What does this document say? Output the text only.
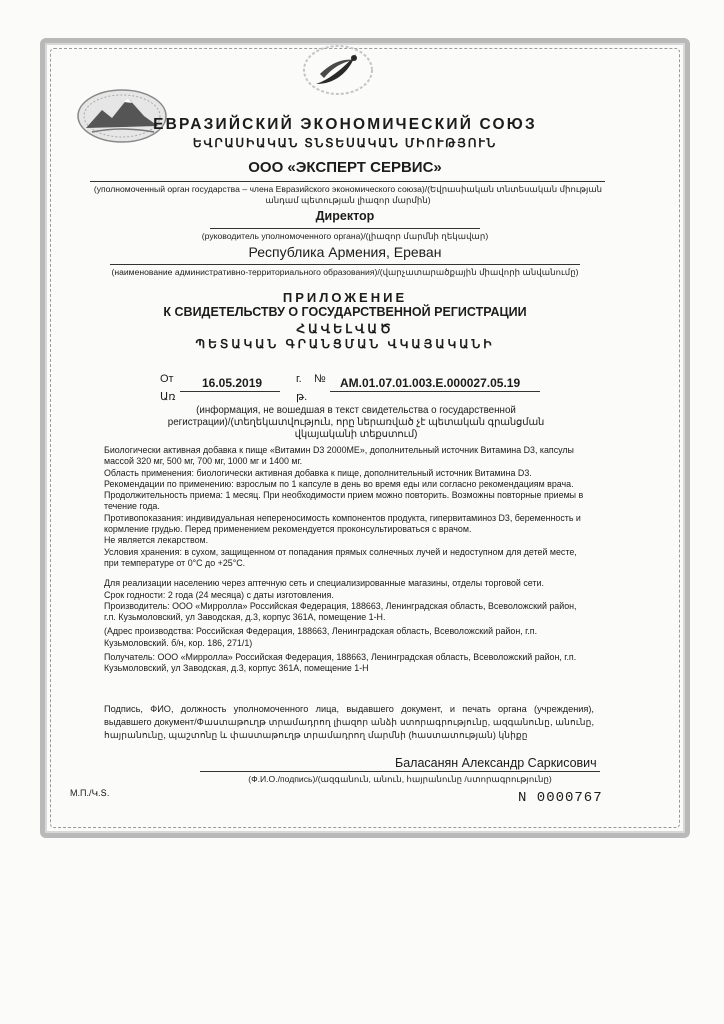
ЕВРАЗИЙСКИЙ ЭКОНОМИЧЕСКИЙ СОЮЗ
ԵՎՐԱՍԻԱԿԱՆ ՏՆՏԵՍԱԿԱՆ ՄԻՈՒԹՅՈՒՆ
ООО «ЭКСПЕРТ СЕРВИС»
(уполномоченный орган государства – члена Евразийского экономического союза)/(Եվրասիական տնտեսական միության անդամ պետության լիազոր մարմին)
Директор
(руководитель уполномоченного органа)/(լիազոր մարմնի ղեկավար)
Республика Армения, Ереван
(наименование административно-территориального образования)/(վարչատարածքային միավորի անվանումը)
ПРИЛОЖЕНИЕ
К СВИДЕТЕЛЬСТВУ О ГОСУДАРСТВЕННОЙ РЕГИСТРАЦИИ
ՀԱՎԵԼՎԱԾ
ՊԵՏԱԿԱՆ ԳՐԱՆՑՄԱՆ ՎԿԱՅԱԿԱՆԻ
От
Առ
16.05.2019	г.
թ.
№ AM.01.07.01.003.E.000027.05.19
(информация, не вошедшая в текст свидетельства о государственной регистрации)/(տեղեկատվություն, որը ներառված չէ պետական գրանցման վկայականի տեքստում)
Биологически активная добавка к пище «Витамин D3 2000МЕ», дополнительный источник Витамина D3, капсулы массой 320 мг, 500 мг, 700 мг, 1000 мг и 1400 мг.
Область применения: биологически активная добавка к пище, дополнительный источник Витамина D3.
Рекомендации по применению: взрослым по 1 капсуле в день во время еды или согласно рекомендациям врача.
Продолжительность приема: 1 месяц. При необходимости прием можно повторить. Возможны повторные приемы в течение года.
Противопоказания: индивидуальная непереносимость компонентов продукта, гипервитаминоз D3, беременность и кормление грудью. Перед применением рекомендуется проконсультироваться с врачом.
Не является лекарством.
Условия хранения: в сухом, защищенном от попадания прямых солнечных лучей и недоступном для детей месте, при температуре от 0°С до +25°С.
Для реализации населению через аптечную сеть и специализированные магазины, отделы торговой сети.
Срок годности: 2 года (24 месяца) с даты изготовления.
Производитель: ООО «Мирролла» Российская Федерация, 188663, Ленинградская область, Всеволожский район, г.п. Кузьмоловский, ул Заводская, д.3, корпус 361А, помещение 1-Н.
(Адрес производства: Российская Федерация, 188663, Ленинградская область, Всеволожский район, г.п. Кузьмоловский. б/н, кор. 186, 271/1)
Получатель: ООО «Мирролла» Российская Федерация, 188663, Ленинградская область, Всеволожский район, г.п. Кузьмоловский, ул Заводская, д.3, корпус 361А, помещение 1-Н
Подпись, ФИО, должность уполномоченного лица, выдавшего документ, и печать органа (учреждения), выдавшего документ/Փաստաթուղթ տրամադրող լիազոր անձի ստորագրությունը, ազգանունը, անունը, հայրանունը, պաշտոնը և փաստաթուղթ տրամադրող մարմնի (հաստատության) կնիքը
Баласанян Александр Саркисович
(Ф.И.О./подпись)/(ազգանուն, անուն, հայրանունը /ստորագրությունը)
М.П./Կ.Տ.	N 0000767
